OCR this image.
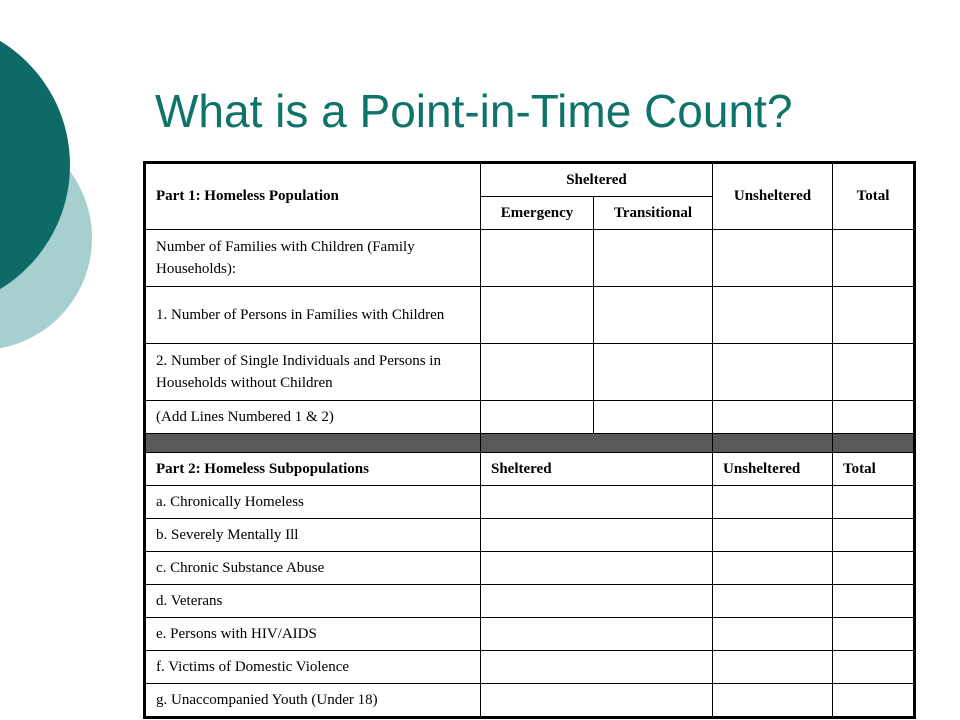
What is a Point-in-Time Count?
Part 1: Homeless Population	Sheltered		Unsheltered	Total
	Emergency	Transitional		
Number of Families with Children (Family Households):				
1. Number of Persons in Families with Children				
2. Number of Single Individuals and Persons in Households without Children				
(Add Lines Numbered 1 & 2)				

Part 2: Homeless Subpopulations	Sheltered		Unsheltered	Total
a. Chronically Homeless				
b. Severely Mentally Ill				
c. Chronic Substance Abuse				
d. Veterans				
e. Persons with HIV/AIDS				
f. Victims of Domestic Violence				
g. Unaccompanied Youth (Under 18)				
